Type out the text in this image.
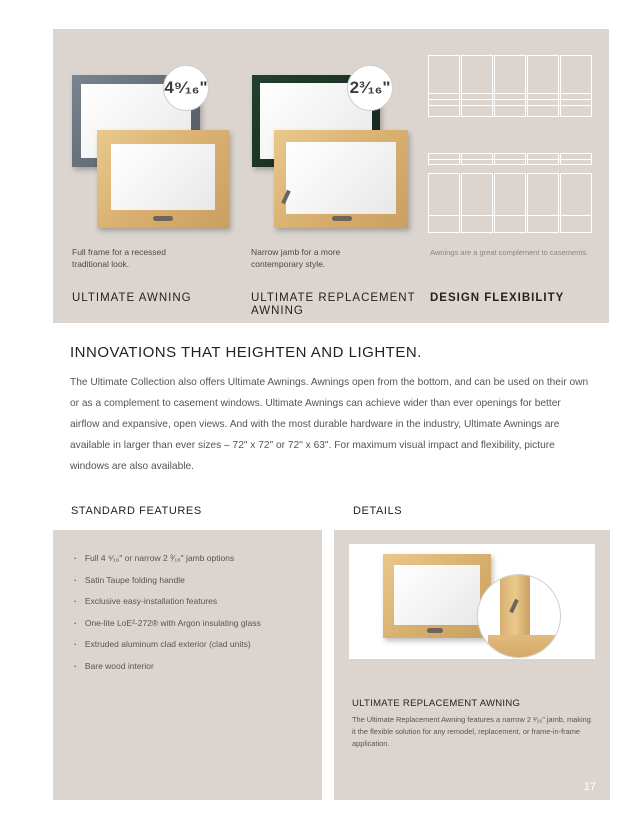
4⁹⁄₁₆"	2³⁄₁₆"
Full frame for a recessed
traditional look.
Narrow jamb for a more
contemporary style.
Awnings are a great complement to casements.
ULTIMATE AWNING	ULTIMATE REPLACEMENT
AWNING
DESIGN FLEXIBILITY
INNOVATIONS THAT HEIGHTEN AND LIGHTEN.
The Ultimate Collection also offers Ultimate Awnings. Awnings open from the bottom, and can be used on their own or as a complement to casement windows. Ultimate Awnings can achieve wider than ever openings for better airflow and expansive, open views. And with the most durable hardware in the industry, Ultimate Awnings are available in larger than ever sizes – 72" x 72" or 72" x 63". For maximum visual impact and flexibility, picture windows are also available.
STANDARD FEATURES
· Full 4 ⁹⁄₁₆" or narrow 2 ³⁄₁₆" jamb options
· Satin Taupe folding handle
· Exclusive easy-installation features
· One-lite LoE²-272® with Argon insulating glass
· Extruded aluminum clad exterior (clad units)
· Bare wood interior
DETAILS
ULTIMATE REPLACEMENT AWNING
The Ultimate Replacement Awning features a narrow 2 ³⁄₁₆" jamb, making it the flexible solution for any remodel, replacement, or frame-in-frame application.
17
